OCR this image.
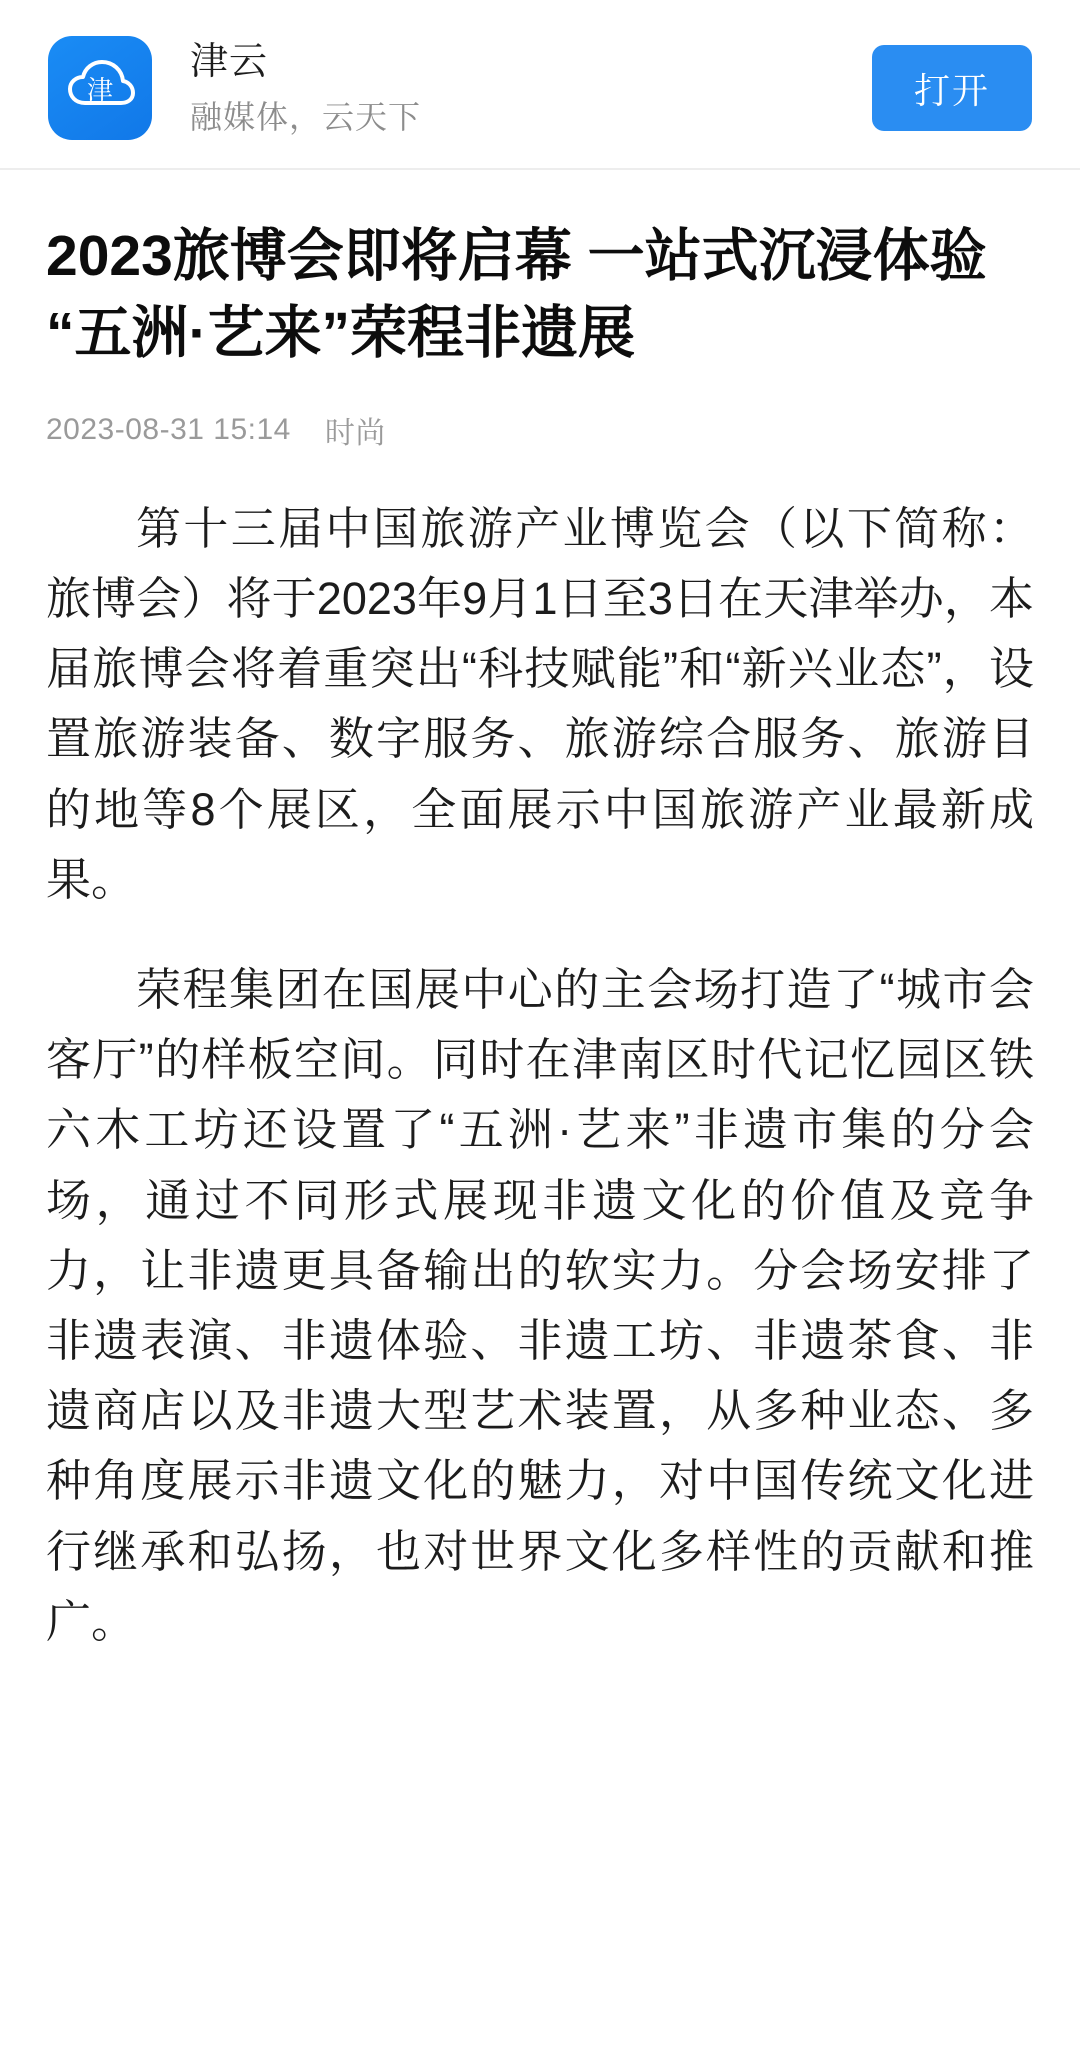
津
津云
融媒体，云天下
打开
2023旅博会即将启幕 一站式沉浸体验“五洲·艺来”荣程非遗展
2023-08-31 15:14 时尚

第十三届中国旅游产业博览会（以下简称：旅博会）将于2023年9月1日至3日在天津举办，本届旅博会将着重突出“科技赋能”和“新兴业态”，设置旅游装备、数字服务、旅游综合服务、旅游目的地等8个展区，全面展示中国旅游产业最新成果。

荣程集团在国展中心的主会场打造了“城市会客厅”的样板空间。同时在津南区时代记忆园区铁六木工坊还设置了“五洲·艺来”非遗市集的分会场，通过不同形式展现非遗文化的价值及竞争力，让非遗更具备输出的软实力。分会场安排了非遗表演、非遗体验、非遗工坊、非遗茶食、非遗商店以及非遗大型艺术装置，从多种业态、多种角度展示非遗文化的魅力，对中国传统文化进行继承和弘扬，也对世界文化多样性的贡献和推广。
